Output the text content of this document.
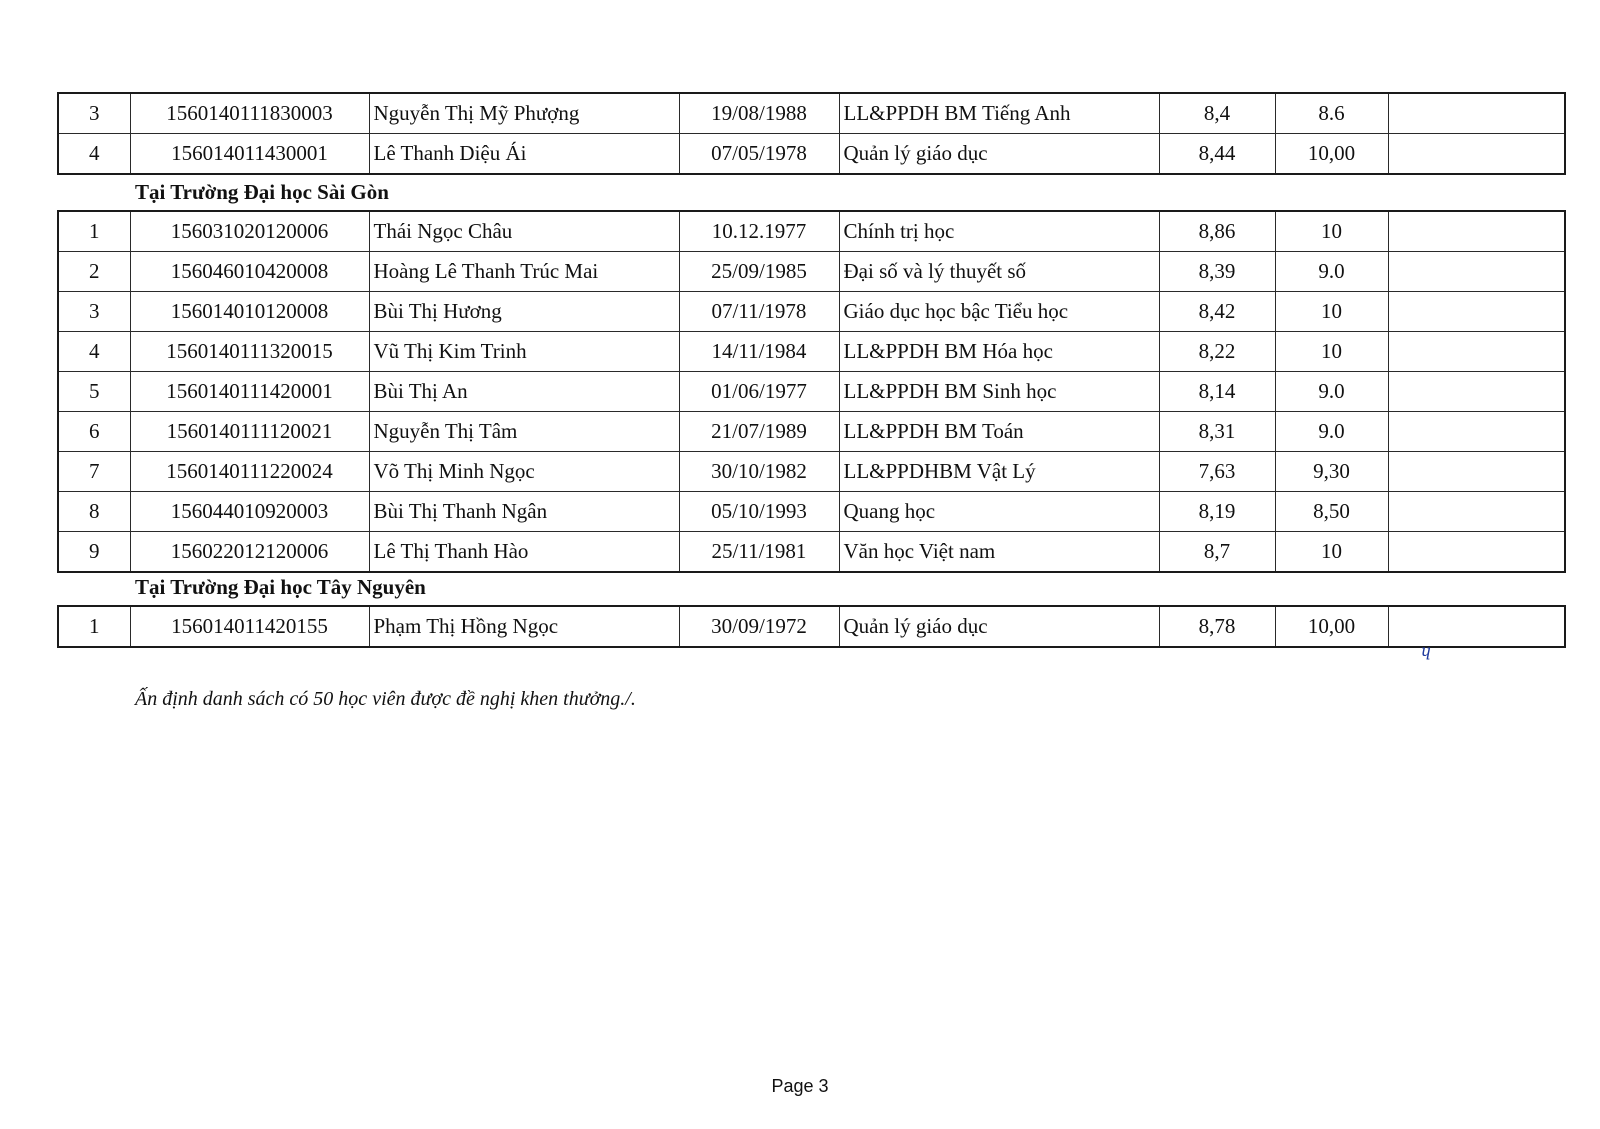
3	1560140111830003	Nguyễn Thị Mỹ Phượng	19/08/1988	LL&PPDH BM Tiếng Anh	8,4	8.6	
4	156014011430001	Lê Thanh Diệu Ái	07/05/1978	Quản lý giáo dục	8,44	10,00	
Tại Trường Đại học Sài Gòn
1	156031020120006	Thái Ngọc Châu	10.12.1977	Chính trị học	8,86	10	
2	156046010420008	Hoàng Lê Thanh Trúc Mai	25/09/1985	Đại số và lý thuyết số	8,39	9.0	
3	156014010120008	Bùi Thị Hương	07/11/1978	Giáo dục học bậc Tiểu học	8,42	10	
4	1560140111320015	Vũ Thị Kim Trinh	14/11/1984	LL&PPDH BM Hóa học	8,22	10	
5	1560140111420001	Bùi Thị An	01/06/1977	LL&PPDH BM Sinh học	8,14	9.0	
6	1560140111120021	Nguyễn Thị Tâm	21/07/1989	LL&PPDH BM Toán	8,31	9.0	
7	1560140111220024	Võ Thị Minh Ngọc	30/10/1982	LL&PPDHBM Vật Lý	7,63	9,30	
8	156044010920003	Bùi Thị Thanh Ngân	05/10/1993	Quang học	8,19	8,50	
9	156022012120006	Lê Thị Thanh Hào	25/11/1981	Văn học Việt nam	8,7	10	
Tại Trường Đại học Tây Nguyên
1	156014011420155	Phạm Thị Hồng Ngọc	30/09/1972	Quản lý giáo dục	8,78	10,00	
ɥ
Ấn định danh sách có 50 học viên được đề nghị khen thưởng./.
Page 3
